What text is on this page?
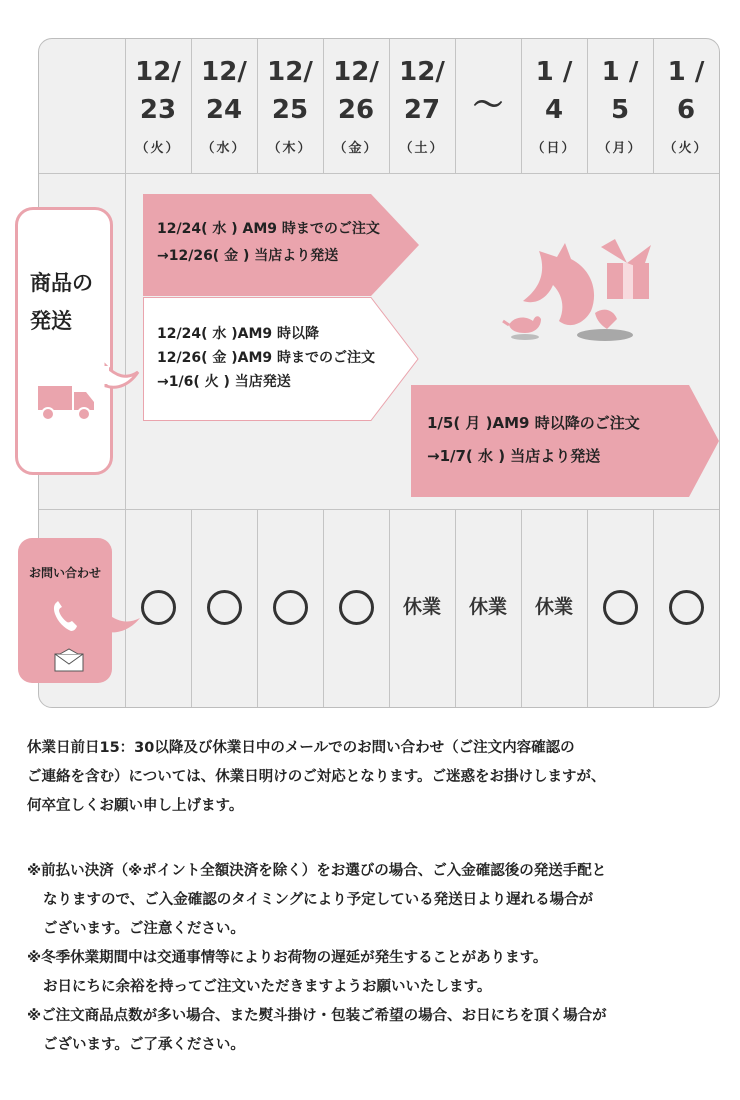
12/
23
（火）
12/
24
（水）
12/
25
（木）
12/
26
（金）
12/
27
（土）
～
1 /
4
（日）
1 /
5
（月）
1 /
6
（火）
12/24( 水 ) AM9 時までのご注文
→12/26( 金 ) 当店より発送
12/24( 水 )AM9 時以降
12/26( 金 )AM9 時までのご注文
→1/6( 火 ) 当店発送
1/5( 月 )AM9 時以降のご注文
→1/7( 水 ) 当店より発送
休業	休業	休業
商品の
発送
お問い合わせ

休業日前日15：30以降及び休業日中のメールでのお問い合わせ（ご注文内容確認の

ご連絡を含む）については、休業日明けのご対応となります。ご迷惑をお掛けしますが、

何卒宜しくお願い申し上げます。

※前払い決済（※ポイント全額決済を除く）をお選びの場合、ご入金確認後の発送手配と

なりますので、ご入金確認のタイミングにより予定している発送日より遅れる場合が

ございます。ご注意ください。

※冬季休業期間中は交通事情等によりお荷物の遅延が発生することがあります。

お日にちに余裕を持ってご注文いただきますようお願いいたします。

※ご注文商品点数が多い場合、また熨斗掛け・包装ご希望の場合、お日にちを頂く場合が

ございます。ご了承ください。
